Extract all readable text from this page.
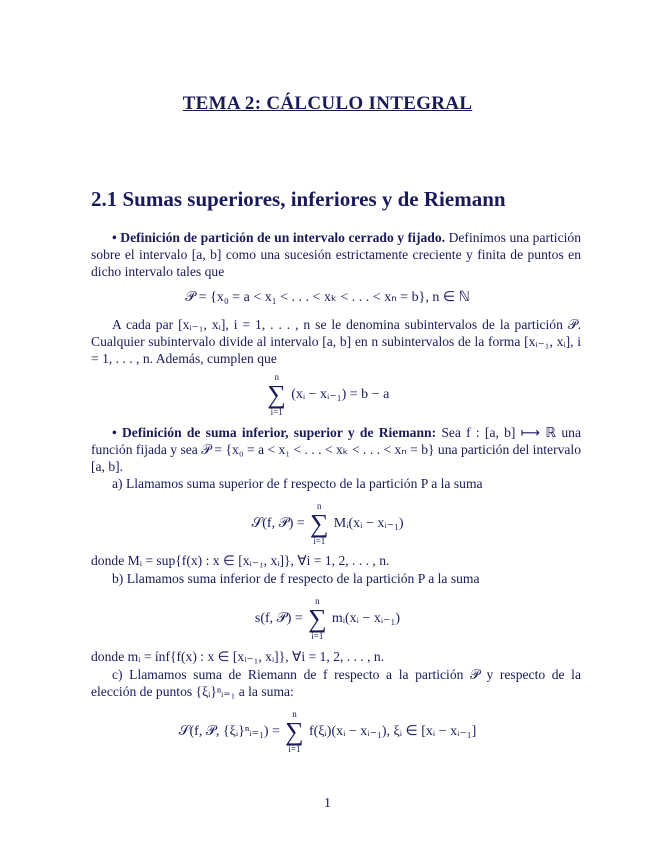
TEMA 2: CÁLCULO INTEGRAL
2.1 Sumas superiores, inferiores y de Riemann
• Definición de partición de un intervalo cerrado y fijado. Definimos una partición sobre el intervalo [a, b] como una sucesión estrictamente creciente y finita de puntos en dicho intervalo tales que
𝒫 = {x₀ = a < x₁ < . . . < xₖ < . . . < xₙ = b}, n ∈ ℕ
A cada par [xᵢ₋₁, xᵢ], i = 1, . . . , n se le denomina subintervalos de la partición 𝒫. Cualquier subintervalo divide al intervalo [a, b] en n subintervalos de la forma [xᵢ₋₁, xᵢ], i = 1, . . . , n. Además, cumplen que
n
∑
i=1
(xᵢ − xᵢ₋₁) = b − a
• Definición de suma inferior, superior y de Riemann: Sea f : [a, b] ⟼ ℝ una función fijada y sea 𝒫 = {x₀ = a < x₁ < . . . < xₖ < . . . < xₙ = b} una partición del intervalo [a, b].
a) Llamamos suma superior de f respecto de la partición P a la suma
𝒮(f, 𝒫) =
n
∑
i=1
Mᵢ(xᵢ − xᵢ₋₁)
donde Mᵢ = sup{f(x) : x ∈ [xᵢ₋₁, xᵢ]}, ∀i = 1, 2, . . . , n.
b) Llamamos suma inferior de f respecto de la partición P a la suma
s(f, 𝒫) =
n
∑
i=1
mᵢ(xᵢ − xᵢ₋₁)
donde mᵢ = ínf{f(x) : x ∈ [xᵢ₋₁, xᵢ]}, ∀i = 1, 2, . . . , n.
c) Llamamos suma de Riemann de f respecto a la partición 𝒫 y respecto de la elección de puntos {ξᵢ}ⁿᵢ₌₁ a la suma:
𝒮(f, 𝒫, {ξᵢ}ⁿᵢ₌₁) =
n
∑
i=1
f(ξᵢ)(xᵢ − xᵢ₋₁), ξᵢ ∈ [xᵢ − xᵢ₋₁]
1
